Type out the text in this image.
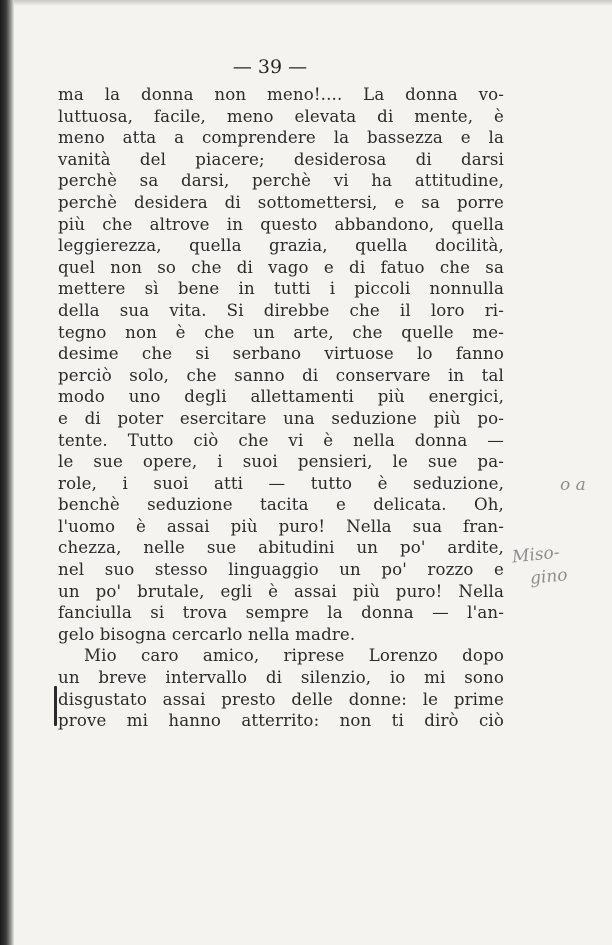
— 39 —
ma la donna non meno!.... La donna vo-
luttuosa, facile, meno elevata di mente, è
meno atta a comprendere la bassezza e la
vanità del piacere; desiderosa di darsi
perchè sa darsi, perchè vi ha attitudine,
perchè desidera di sottomettersi, e sa porre
più che altrove in questo abbandono, quella
leggierezza, quella grazia, quella docilità,
quel non so che di vago e di fatuo che sa
mettere sì bene in tutti i piccoli nonnulla
della sua vita. Si direbbe che il loro ri-
tegno non è che un arte, che quelle me-
desime che si serbano virtuose lo fanno
perciò solo, che sanno di conservare in tal
modo uno degli allettamenti più energici,
e di poter esercitare una seduzione più po-
tente. Tutto ciò che vi è nella donna —
le sue opere, i suoi pensieri, le sue pa-
role, i suoi atti — tutto è seduzione,
benchè seduzione tacita e delicata. Oh,
l'uomo è assai più puro! Nella sua fran-
chezza, nelle sue abitudini un po' ardite,
nel suo stesso linguaggio un po' rozzo e
un po' brutale, egli è assai più puro! Nella
fanciulla si trova sempre la donna — l'an-
gelo bisogna cercarlo nella madre.
Mio caro amico, riprese Lorenzo dopo
un breve intervallo di silenzio, io mi sono
disgustato assai presto delle donne: le prime
prove mi hanno atterrito: non ti dirò ciò
o a
Miso-
gino
